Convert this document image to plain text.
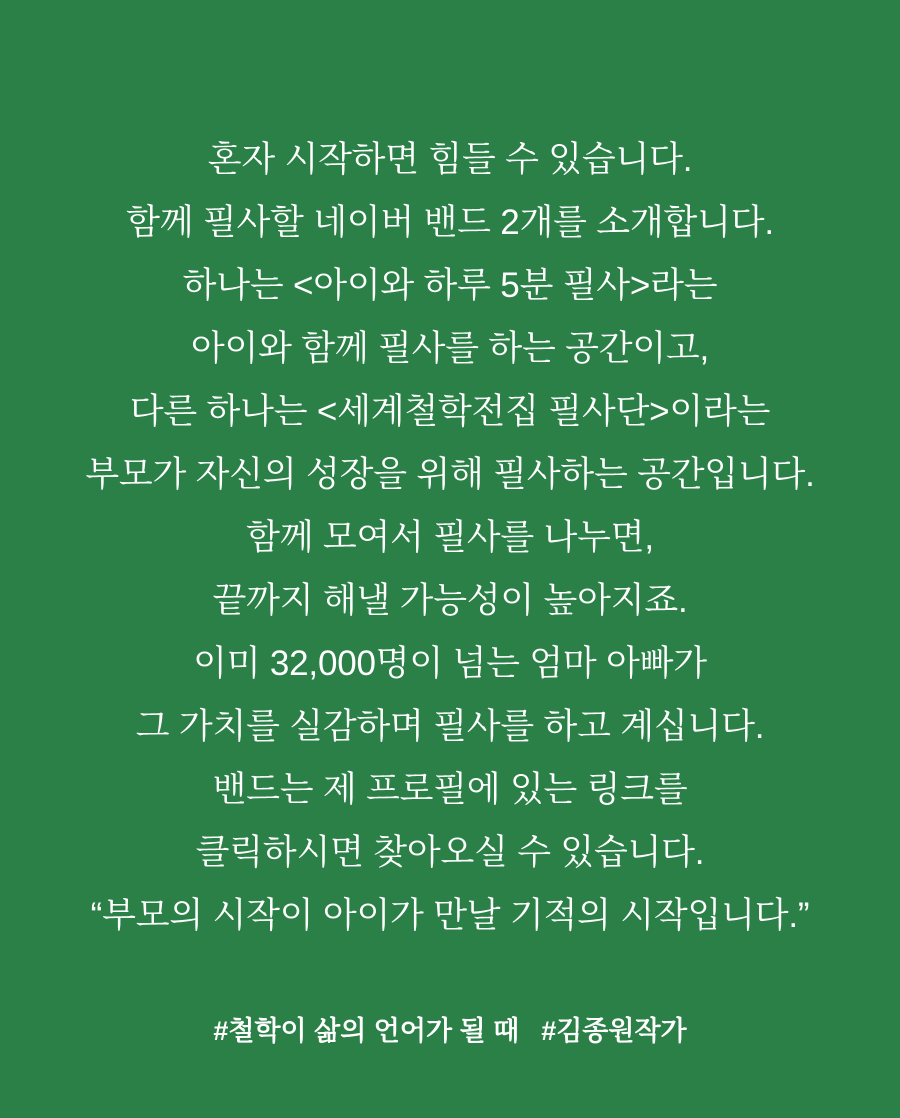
혼자 시작하면 힘들 수 있습니다.

함께 필사할 네이버 밴드 2개를 소개합니다.

하나는 <아이와 하루 5분 필사>라는

아이와 함께 필사를 하는 공간이고,

다른 하나는 <세계철학전집 필사단>이라는

부모가 자신의 성장을 위해 필사하는 공간입니다.

함께 모여서 필사를 나누면,

끝까지 해낼 가능성이 높아지죠.

이미 32,000명이 넘는 엄마 아빠가

그 가치를 실감하며 필사를 하고 계십니다.

밴드는 제 프로필에 있는 링크를

클릭하시면 찾아오실 수 있습니다.

“부모의 시작이 아이가 만날 기적의 시작입니다.”

#철학이 삶의 언어가 될 때 #김종원작가
